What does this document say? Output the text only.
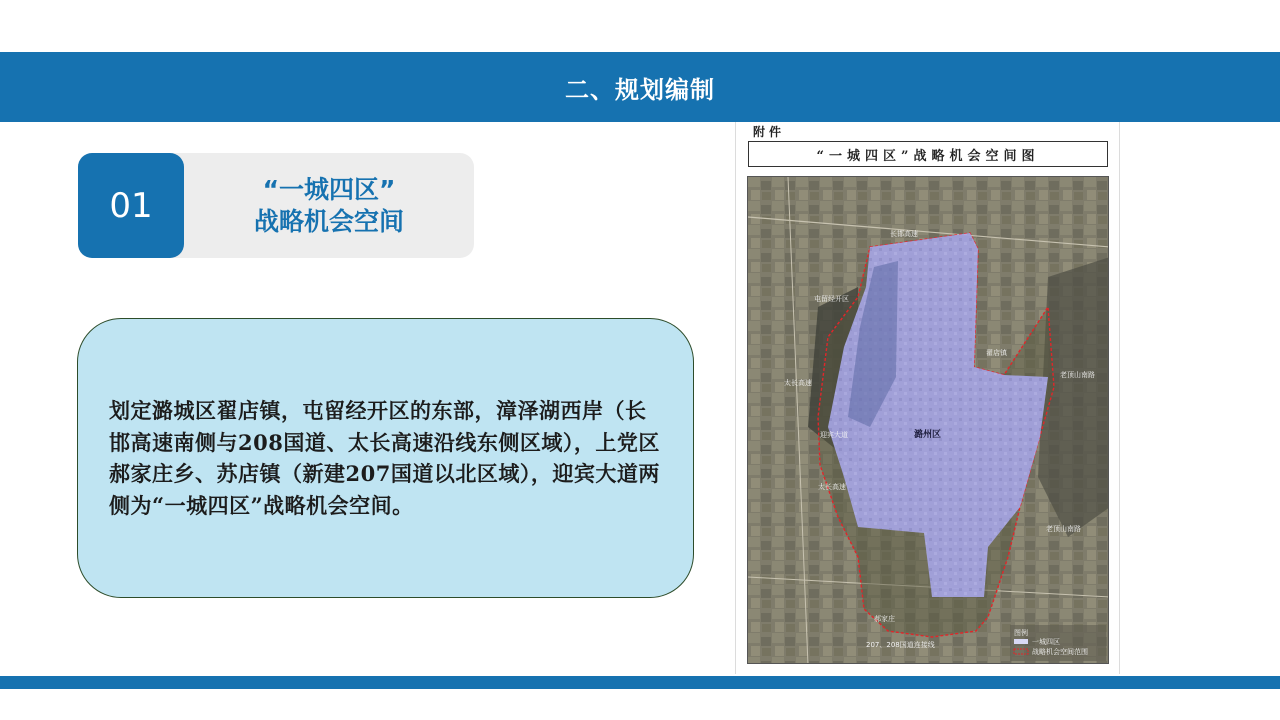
二、规划编制
01	“一城四区”
战略机会空间
划定潞城区翟店镇，屯留经开区的东部，漳泽湖西岸（长邯高速南侧与208国道、太长高速沿线东侧区域），上党区郝家庄乡、苏店镇（新建207国道以北区域），迎宾大道两侧为“一城四区”战略机会空间。
附件
“一城四区”战略机会空间图
长邯高速
屯留经开区
太长高速
迎宾大道	潞州区
翟店镇
老顶山南路
老顶山南路
太长高速
郝家庄
207、208国道连接线
图例
一城四区
战略机会空间范围
